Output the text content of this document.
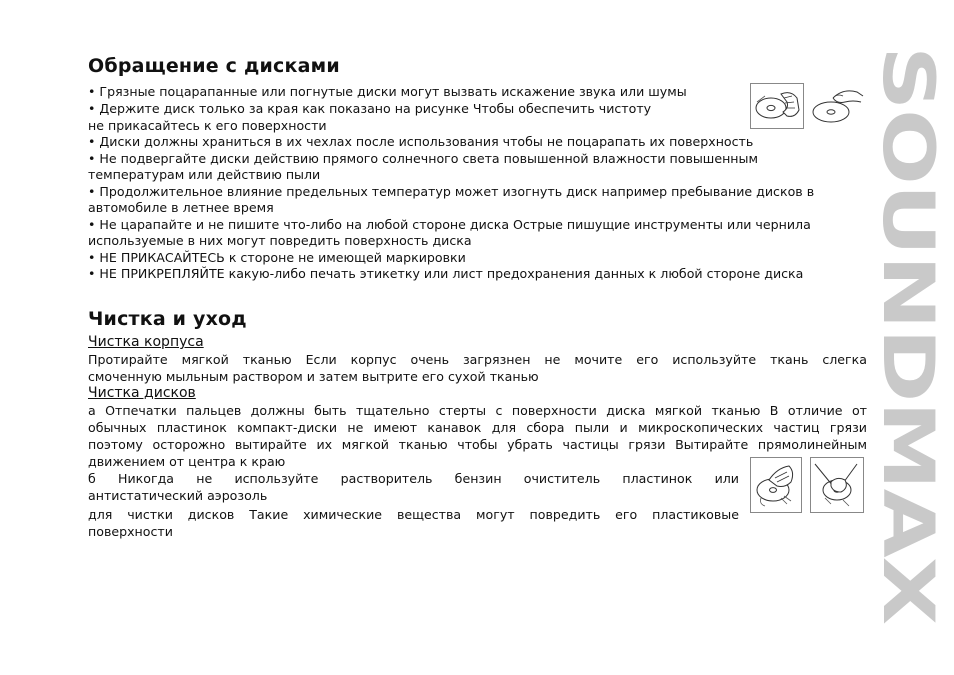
Обращение с дисками
• Грязные поцарапанные или погнутые диски могут вызвать искажение звука или шумы
• Держите диск только за края как показано на рисунке Чтобы обеспечить чистоту
не прикасайтесь к его поверхности
• Диски должны храниться в их чехлах после использования чтобы не поцарапать их поверхность
• Не подвергайте диски действию прямого солнечного света повышенной влажности повышенным
температурам или действию пыли
• Продолжительное влияние предельных температур может изогнуть диск например пребывание дисков в
автомобиле в летнее время
• Не царапайте и не пишите что-либо на любой стороне диска Острые пишущие инструменты или чернила
используемые в них могут повредить поверхность диска
• НЕ ПРИКАСАЙТЕСЬ к стороне не имеющей маркировки
• НЕ ПРИКРЕПЛЯЙТЕ какую-либо печать этикетку или лист предохранения данных к любой стороне диска
Чистка и уход
Чистка корпуса
Протирайте мягкой тканью Если корпус очень загрязнен не мочите его используйте ткань слегка
смоченную мыльным раствором и затем вытрите его сухой тканью
Чистка дисков
а Отпечатки пальцев должны быть тщательно стерты с поверхности диска мягкой тканью В отличие от
обычных пластинок компакт-диски не имеют канавок для сбора пыли и микроскопических частиц грязи
поэтому осторожно вытирайте их мягкой тканью чтобы убрать частицы грязи Вытирайте прямолинейным
движением от центра к краю
б Никогда не используйте растворитель бензин очиститель пластинок или
антистатический аэрозоль
для чистки дисков Такие химические вещества могут повредить его пластиковые
поверхности
SOUNDMAX
